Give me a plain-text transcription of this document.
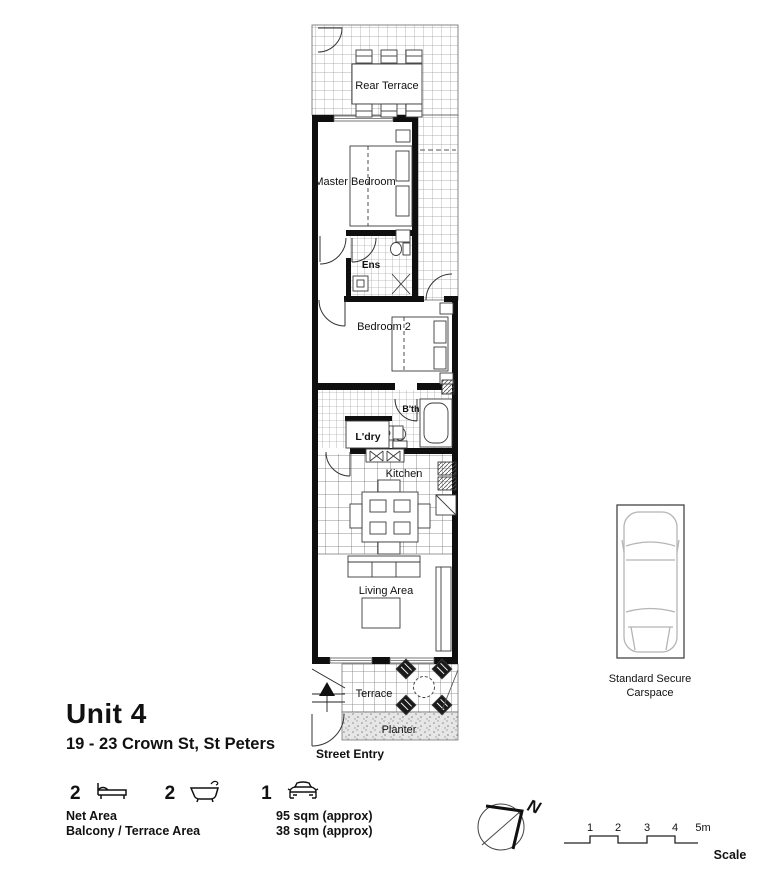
N
1 2 3 4 5m
Scale
Rear Terrace
Master Bedroom
Ens
Bedroom 2
B'th
L'dry
Kitchen
Living Area
Terrace
Planter
Street Entry
Standard Secure
Carspace
Unit 4
19 - 23 Crown St, St Peters
2	2	1
Net Area	95 sqm (approx)
Balcony / Terrace Area	38 sqm (approx)
